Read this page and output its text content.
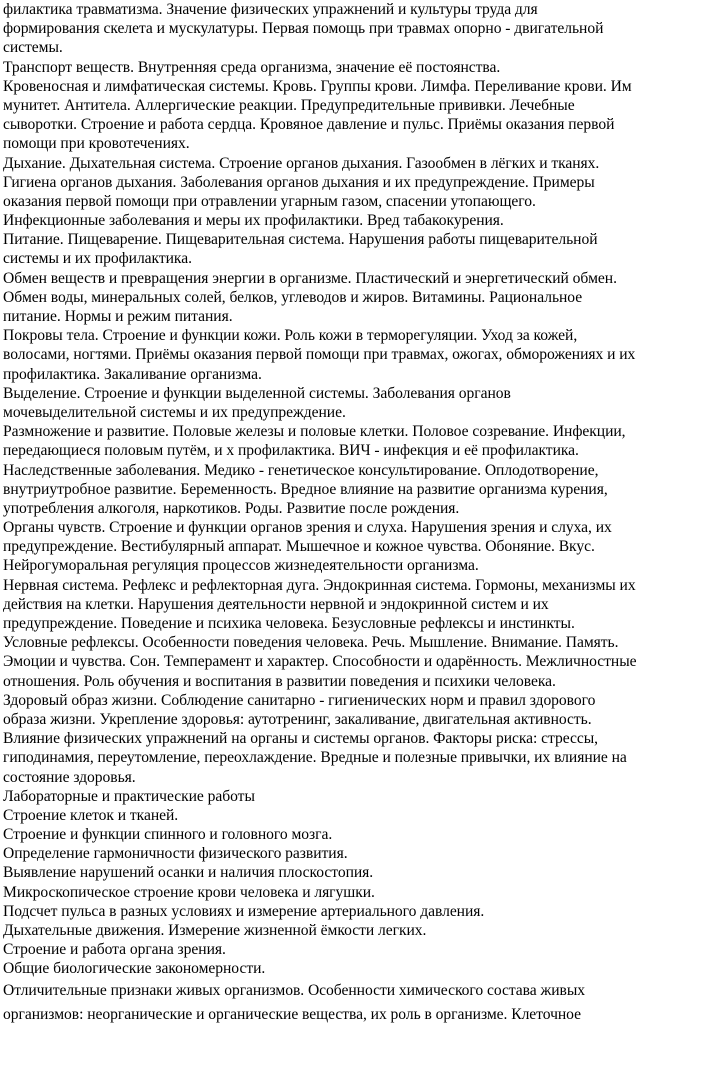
филактика травматизма. Значение физических упражнений и культуры труда для
формирования скелета и мускулатуры. Первая помощь при травмах опорно - двигательной
системы.
Транспорт веществ. Внутренняя среда организма, значение её постоянства.
Кровеносная и лимфатическая системы. Кровь. Группы крови. Лимфа. Переливание крови. Им
мунитет. Антитела. Аллергические реакции. Предупредительные прививки. Лечебные
сыворотки. Строение и работа сердца. Кровяное давление и пульс. Приёмы оказания первой
помощи при кровотечениях.
Дыхание. Дыхательная система. Строение органов дыхания. Газообмен в лёгких и тканях.
Гигиена органов дыхания. Заболевания органов дыхания и их предупреждение. Примеры
оказания первой помощи при отравлении угарным газом, спасении утопающего.
Инфекционные заболевания и меры их профилактики. Вред табакокурения.
Питание. Пищеварение. Пищеварительная система. Нарушения работы пищеварительной
системы и их профилактика.
Обмен веществ и превращения энергии в организме. Пластический и энергетический обмен.
Обмен воды, минеральных солей, белков, углеводов и жиров. Витамины. Рациональное
питание. Нормы и режим питания.
Покровы тела. Строение и функции кожи. Роль кожи в терморегуляции. Уход за кожей,
волосами, ногтями. Приёмы оказания первой помощи при травмах, ожогах, обморожениях и их
профилактика. Закаливание организма.
Выделение. Строение и функции выделенной системы. Заболевания органов
мочевыделительной системы и их предупреждение.
Размножение и развитие. Половые железы и половые клетки. Половое созревание. Инфекции,
передающиеся половым путём, и х профилактика. ВИЧ - инфекция и её профилактика.
Наследственные заболевания. Медико - генетическое консультирование. Оплодотворение,
внутриутробное развитие. Беременность. Вредное влияние на развитие организма курения,
употребления алкоголя, наркотиков. Роды. Развитие после рождения.
Органы чувств. Строение и функции органов зрения и слуха. Нарушения зрения и слуха, их
предупреждение. Вестибулярный аппарат. Мышечное и кожное чувства. Обоняние. Вкус.
Нейрогуморальная регуляция процессов жизнедеятельности организма.
Нервная система. Рефлекс и рефлекторная дуга. Эндокринная система. Гормоны, механизмы их
действия на клетки. Нарушения деятельности нервной и эндокринной систем и их
предупреждение. Поведение и психика человека. Безусловные рефлексы и инстинкты.
Условные рефлексы. Особенности поведения человека. Речь. Мышление. Внимание. Память.
Эмоции и чувства. Сон. Темперамент и характер. Способности и одарённость. Межличностные
отношения. Роль обучения и воспитания в развитии поведения и психики человека.
Здоровый образ жизни. Соблюдение санитарно - гигиенических норм и правил здорового
образа жизни. Укрепление здоровья: аутотренинг, закаливание, двигательная активность.
Влияние физических упражнений на органы и системы органов. Факторы риска: стрессы,
гиподинамия, переутомление, переохлаждение. Вредные и полезные привычки, их влияние на
состояние здоровья.
Лабораторные и практические работы
Строение клеток и тканей.
Строение и функции спинного и головного мозга.
Определение гармоничности физического развития.
Выявление нарушений осанки и наличия плоскостопия.
Микроскопическое строение крови человека и лягушки.
Подсчет пульса в разных условиях и измерение артериального давления.
Дыхательные движения. Измерение жизненной ёмкости легких.
Строение и работа органа зрения.
Общие биологические закономерности.
Отличительные признаки живых организмов. Особенности химического состава живых
организмов: неорганические и органические вещества, их роль в организме. Клеточное
